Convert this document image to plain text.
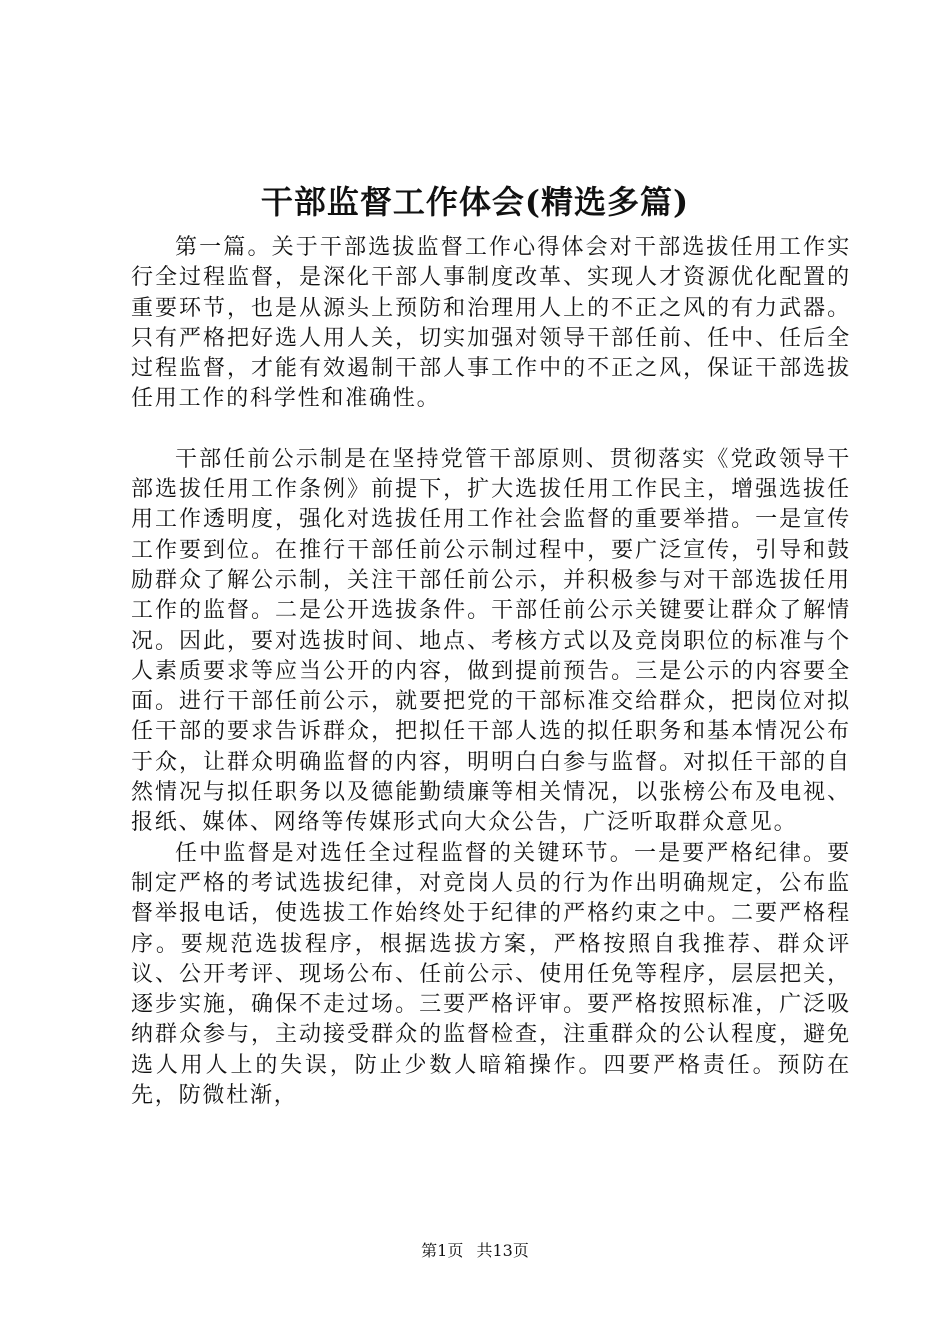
干部监督工作体会(精选多篇)

第一篇。关于干部选拔监督工作心得体会对干部选拔任用工作实行全过程监督，是深化干部人事制度改革、实现人才资源优化配置的重要环节，也是从源头上预防和治理用人上的不正之风的有力武器。只有严格把好选人用人关，切实加强对领导干部任前、任中、任后全过程监督，才能有效遏制干部人事工作中的不正之风，保证干部选拔任用工作的科学性和准确性。

干部任前公示制是在坚持党管干部原则、贯彻落实《党政领导干部选拔任用工作条例》前提下，扩大选拔任用工作民主，增强选拔任用工作透明度，强化对选拔任用工作社会监督的重要举措。一是宣传工作要到位。在推行干部任前公示制过程中，要广泛宣传，引导和鼓励群众了解公示制，关注干部任前公示，并积极参与对干部选拔任用工作的监督。二是公开选拔条件。干部任前公示关键要让群众了解情况。因此，要对选拔时间、地点、考核方式以及竞岗职位的标准与个人素质要求等应当公开的内容，做到提前预告。三是公示的内容要全面。进行干部任前公示，就要把党的干部标准交给群众，把岗位对拟任干部的要求告诉群众，把拟任干部人选的拟任职务和基本情况公布于众，让群众明确监督的内容，明明白白参与监督。对拟任干部的自然情况与拟任职务以及德能勤绩廉等相关情况，以张榜公布及电视、报纸、媒体、网络等传媒形式向大众公告，广泛听取群众意见。

任中监督是对选任全过程监督的关键环节。一是要严格纪律。要制定严格的考试选拔纪律，对竞岗人员的行为作出明确规定，公布监督举报电话，使选拔工作始终处于纪律的严格约束之中。二要严格程序。要规范选拔程序，根据选拔方案，严格按照自我推荐、群众评议、公开考评、现场公布、任前公示、使用任免等程序，层层把关，逐步实施，确保不走过场。三要严格评审。要严格按照标准，广泛吸纳群众参与，主动接受群众的监督检查，注重群众的公认程度，避免选人用人上的失误，防止少数人暗箱操作。四要严格责任。预防在先，防微杜渐，

第1页 共13页
